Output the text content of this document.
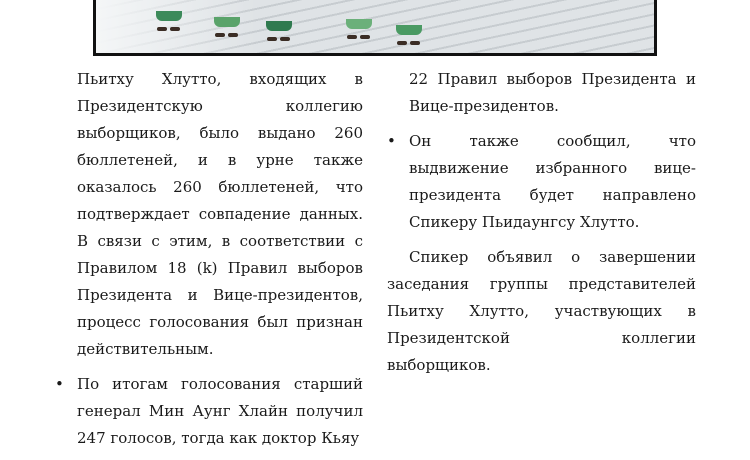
Пьитху Хлутто, входящих в Президентскую коллегию выборщиков, было выдано 260 бюллетеней, и в урне также оказалось 260 бюллетеней, что подтверждает совпадение данных. В связи с этим, в соответствии с Правилом 18 (k) Правил выборов Президента и Вице-президентов, процесс голосования был признан действительным.

• По итогам голосования старший генерал Мин Аунг Хлайн получил 247 голосов, тогда как доктор Кьяу

22 Правил выборов Президента и Вице-президентов.

• Он также сообщил, что выдвижение избранного вице-президента будет направлено Спикеру Пьидаунгсу Хлутто.

Спикер объявил о завершении заседания группы представителей Пьитху Хлутто, участвующих в Президентской коллегии выборщиков.
